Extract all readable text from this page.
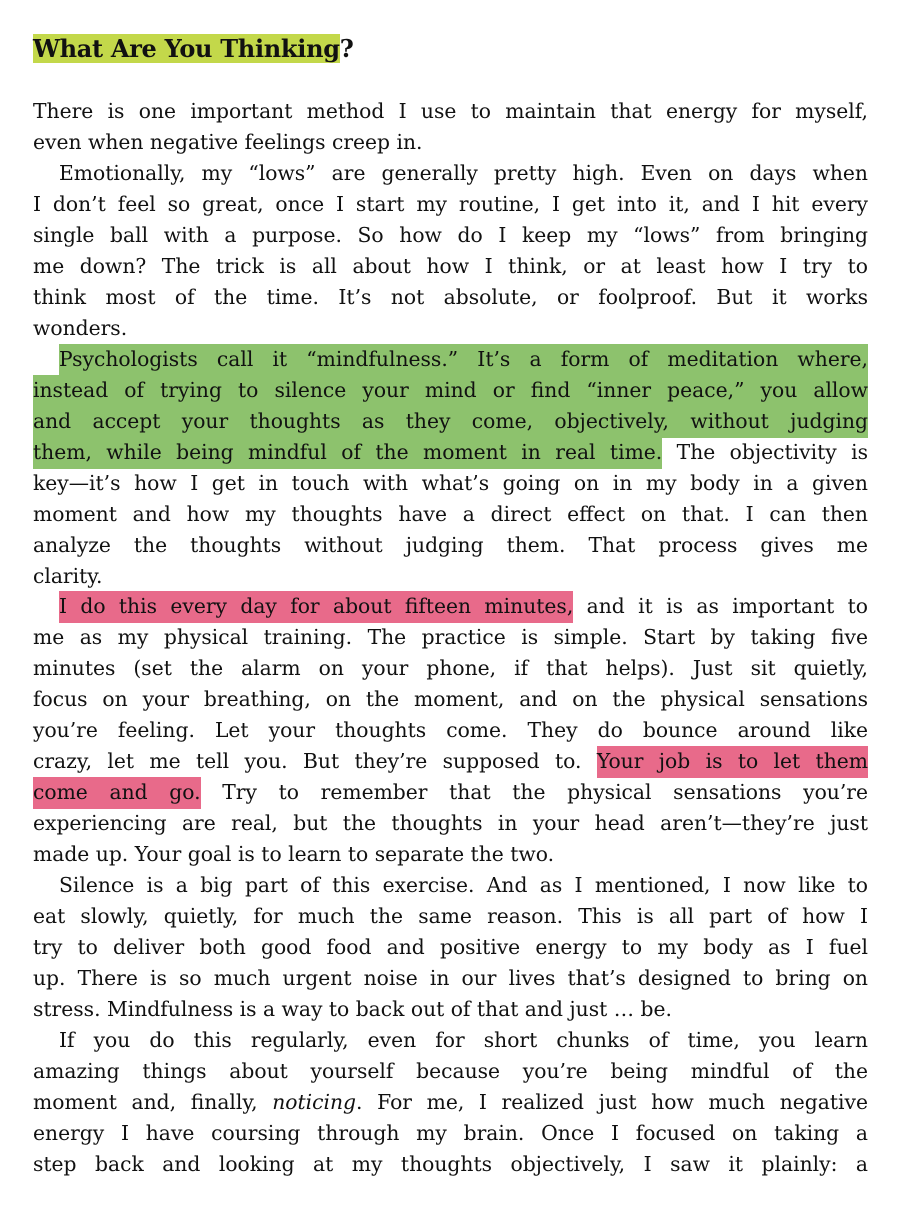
What Are You Thinking?
There is one important method I use to maintain that energy for myself,
even when negative feelings creep in.
Emotionally, my “lows” are generally pretty high. Even on days when
I don’t feel so great, once I start my routine, I get into it, and I hit every
single ball with a purpose. So how do I keep my “lows” from bringing
me down? The trick is all about how I think, or at least how I try to
think most of the time. It’s not absolute, or foolproof. But it works
wonders.
Psychologists call it “mindfulness.” It’s a form of meditation where,
instead of trying to silence your mind or find “inner peace,” you allow
and accept your thoughts as they come, objectively, without judging
them, while being mindful of the moment in real time. The objectivity is
key—it’s how I get in touch with what’s going on in my body in a given
moment and how my thoughts have a direct effect on that. I can then
analyze the thoughts without judging them. That process gives me
clarity.
I do this every day for about fifteen minutes, and it is as important to
me as my physical training. The practice is simple. Start by taking five
minutes (set the alarm on your phone, if that helps). Just sit quietly,
focus on your breathing, on the moment, and on the physical sensations
you’re feeling. Let your thoughts come. They do bounce around like
crazy, let me tell you. But they’re supposed to. Your job is to let them
come and go. Try to remember that the physical sensations you’re
experiencing are real, but the thoughts in your head aren’t—they’re just
made up. Your goal is to learn to separate the two.
Silence is a big part of this exercise. And as I mentioned, I now like to
eat slowly, quietly, for much the same reason. This is all part of how I
try to deliver both good food and positive energy to my body as I fuel
up. There is so much urgent noise in our lives that’s designed to bring on
stress. Mindfulness is a way to back out of that and just … be.
If you do this regularly, even for short chunks of time, you learn
amazing things about yourself because you’re being mindful of the
moment and, finally, noticing. For me, I realized just how much negative
energy I have coursing through my brain. Once I focused on taking a
step back and looking at my thoughts objectively, I saw it plainly: a
